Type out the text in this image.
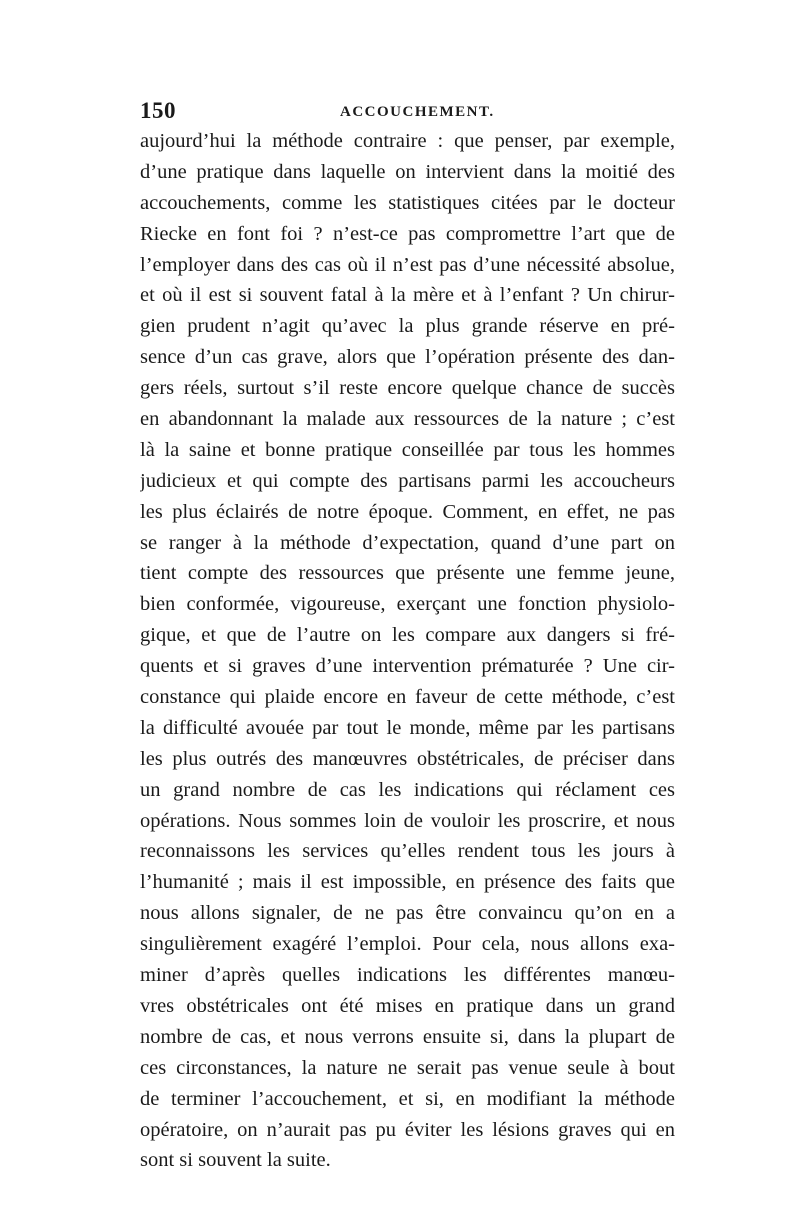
150	ACCOUCHEMENT.
aujourd’hui la méthode contraire : que penser, par exemple,
d’une pratique dans laquelle on intervient dans la moitié des
accouchements, comme les statistiques citées par le docteur
Riecke en font foi ? n’est-ce pas compromettre l’art que de
l’employer dans des cas où il n’est pas d’une nécessité absolue,
et où il est si souvent fatal à la mère et à l’enfant ? Un chirur-
gien prudent n’agit qu’avec la plus grande réserve en pré-
sence d’un cas grave, alors que l’opération présente des dan-
gers réels, surtout s’il reste encore quelque chance de succès
en abandonnant la malade aux ressources de la nature ; c’est
là la saine et bonne pratique conseillée par tous les hommes
judicieux et qui compte des partisans parmi les accoucheurs
les plus éclairés de notre époque. Comment, en effet, ne pas
se ranger à la méthode d’expectation, quand d’une part on
tient compte des ressources que présente une femme jeune,
bien conformée, vigoureuse, exerçant une fonction physiolo-
gique, et que de l’autre on les compare aux dangers si fré-
quents et si graves d’une intervention prématurée ? Une cir-
constance qui plaide encore en faveur de cette méthode, c’est
la difficulté avouée par tout le monde, même par les partisans
les plus outrés des manœuvres obstétricales, de préciser dans
un grand nombre de cas les indications qui réclament ces
opérations. Nous sommes loin de vouloir les proscrire, et nous
reconnaissons les services qu’elles rendent tous les jours à
l’humanité ; mais il est impossible, en présence des faits que
nous allons signaler, de ne pas être convaincu qu’on en a
singulièrement exagéré l’emploi. Pour cela, nous allons exa-
miner d’après quelles indications les différentes manœu-
vres obstétricales ont été mises en pratique dans un grand
nombre de cas, et nous verrons ensuite si, dans la plupart de
ces circonstances, la nature ne serait pas venue seule à bout
de terminer l’accouchement, et si, en modifiant la méthode
opératoire, on n’aurait pas pu éviter les lésions graves qui en
sont si souvent la suite.
